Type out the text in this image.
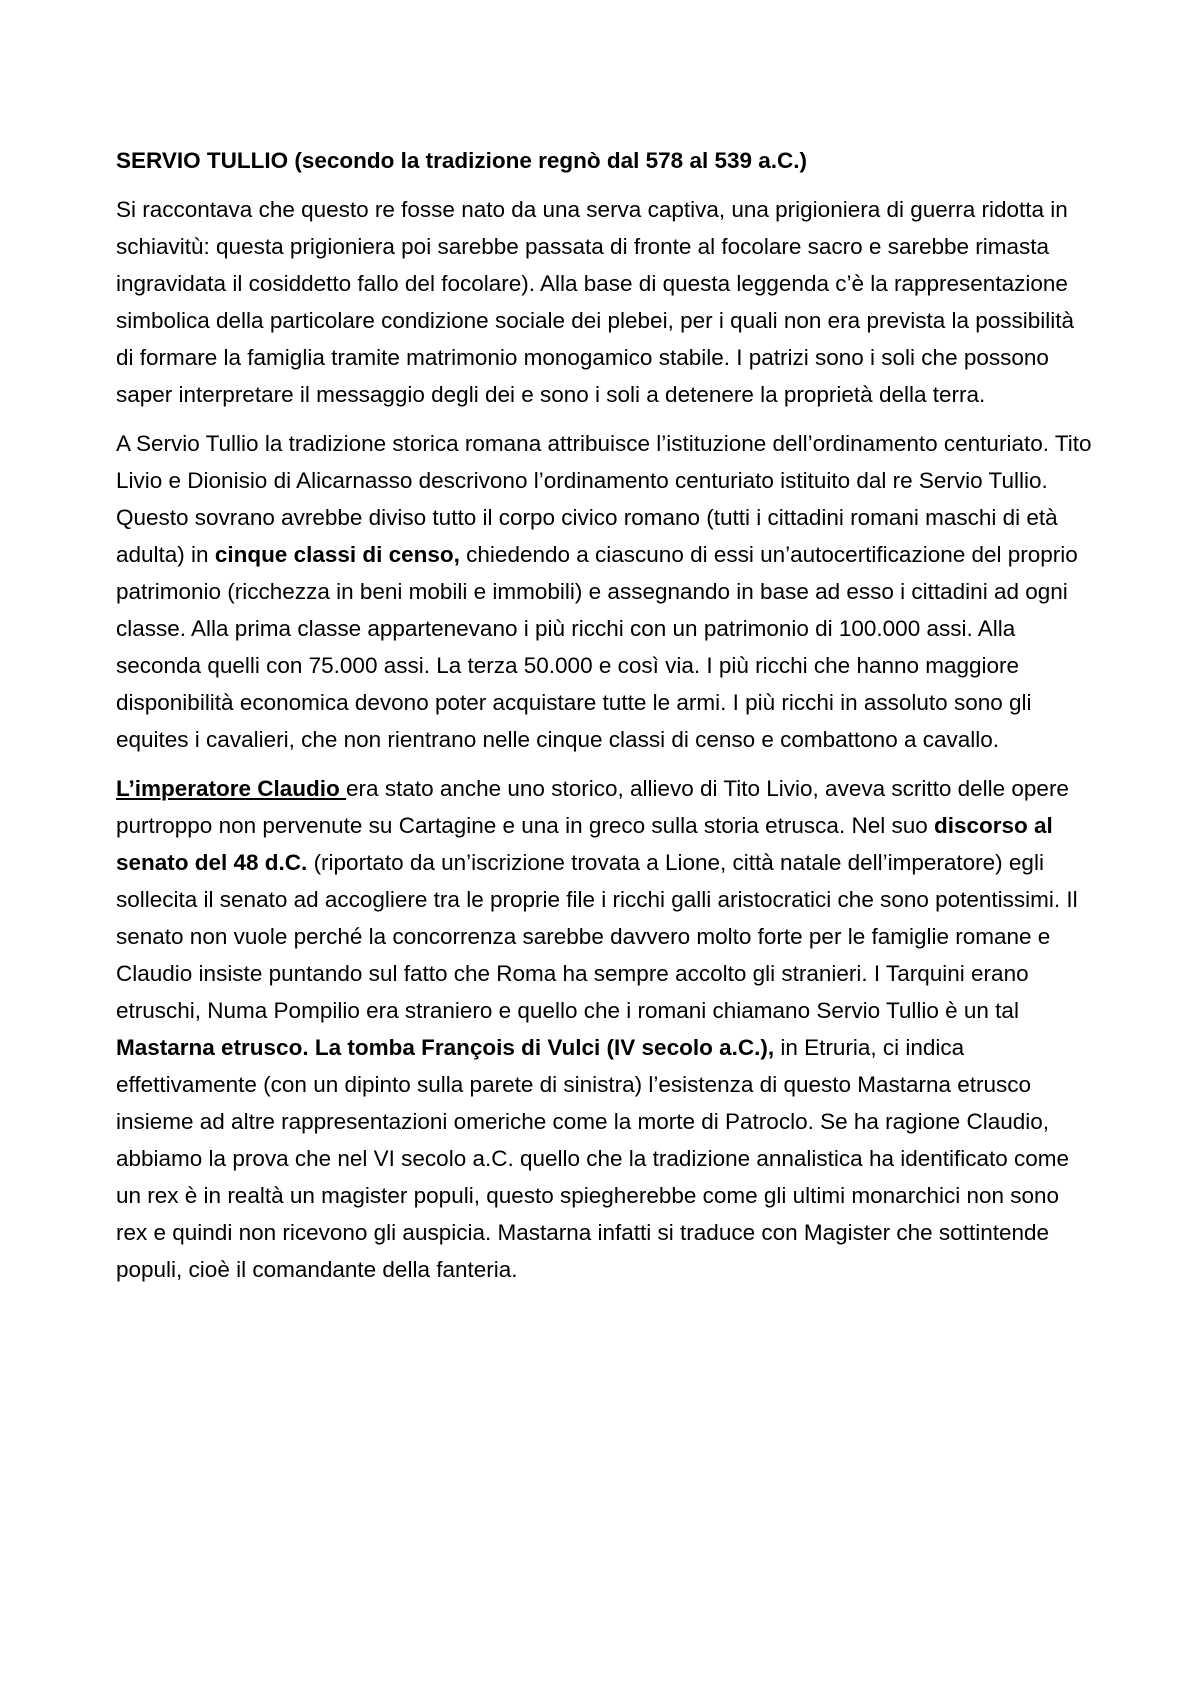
SERVIO TULLIO (secondo la tradizione regnò dal 578 al 539 a.C.)

Si raccontava che questo re fosse nato da una serva captiva, una prigioniera di guerra ridotta in schiavitù: questa prigioniera poi sarebbe passata di fronte al focolare sacro e sarebbe rimasta ingravidata il cosiddetto fallo del focolare). Alla base di questa leggenda c’è la rappresentazione simbolica della particolare condizione sociale dei plebei, per i quali non era prevista la possibilità di formare la famiglia tramite matrimonio monogamico stabile. I patrizi sono i soli che possono saper interpretare il messaggio degli dei e sono i soli a detenere la proprietà della terra.

A Servio Tullio la tradizione storica romana attribuisce l’istituzione dell’ordinamento centuriato. Tito Livio e Dionisio di Alicarnasso descrivono l’ordinamento centuriato istituito dal re Servio Tullio. Questo sovrano avrebbe diviso tutto il corpo civico romano (tutti i cittadini romani maschi di età adulta) in cinque classi di censo, chiedendo a ciascuno di essi un’autocertificazione del proprio patrimonio (ricchezza in beni mobili e immobili) e assegnando in base ad esso i cittadini ad ogni classe. Alla prima classe appartenevano i più ricchi con un patrimonio di 100.000 assi. Alla seconda quelli con 75.000 assi. La terza 50.000 e così via. I più ricchi che hanno maggiore disponibilità economica devono poter acquistare tutte le armi. I più ricchi in assoluto sono gli equites i cavalieri, che non rientrano nelle cinque classi di censo e combattono a cavallo.

L’imperatore Claudio era stato anche uno storico, allievo di Tito Livio, aveva scritto delle opere purtroppo non pervenute su Cartagine e una in greco sulla storia etrusca. Nel suo discorso al senato del 48 d.C. (riportato da un’iscrizione trovata a Lione, città natale dell’imperatore) egli sollecita il senato ad accogliere tra le proprie file i ricchi galli aristocratici che sono potentissimi. Il senato non vuole perché la concorrenza sarebbe davvero molto forte per le famiglie romane e Claudio insiste puntando sul fatto che Roma ha sempre accolto gli stranieri. I Tarquini erano etruschi, Numa Pompilio era straniero e quello che i romani chiamano Servio Tullio è un tal Mastarna etrusco. La tomba François di Vulci (IV secolo a.C.), in Etruria, ci indica effettivamente (con un dipinto sulla parete di sinistra) l’esistenza di questo Mastarna etrusco insieme ad altre rappresentazioni omeriche come la morte di Patroclo. Se ha ragione Claudio, abbiamo la prova che nel VI secolo a.C. quello che la tradizione annalistica ha identificato come un rex è in realtà un magister populi, questo spiegherebbe come gli ultimi monarchici non sono rex e quindi non ricevono gli auspicia. Mastarna infatti si traduce con Magister che sottintende populi, cioè il comandante della fanteria.
